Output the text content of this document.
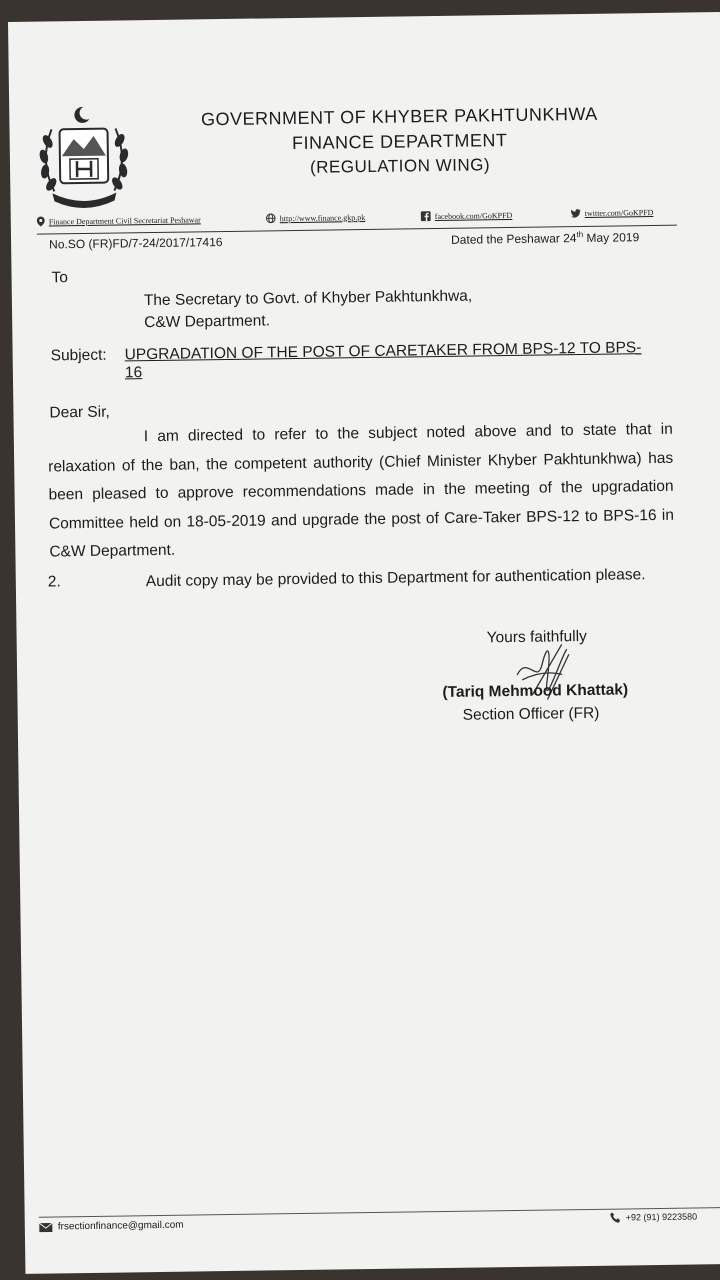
GOVERNMENT OF KHYBER PAKHTUNKHWA
FINANCE DEPARTMENT
(REGULATION WING)
Finance Department Civil Secretariat Peshawar	http://www.finance.gkp.pk	facebook.com/GoKPFD	twitter.com/GoKPFD
No.SO (FR)FD/7-24/2017/17416	Dated the Peshawar 24th May 2019
To
The Secretary to Govt. of Khyber Pakhtunkhwa,
C&W Department.
Subject: UPGRADATION OF THE POST OF CARETAKER FROM BPS-12 TO BPS-16
Dear Sir,
I am directed to refer to the subject noted above and to state that in relaxation of the ban, the competent authority (Chief Minister Khyber Pakhtunkhwa) has been pleased to approve recommendations made in the meeting of the upgradation Committee held on 18-05-2019 and upgrade the post of Care-Taker BPS-12 to BPS-16 in C&W Department.
2.	Audit copy may be provided to this Department for authentication please.
Yours faithfully
(Tariq Mehmood Khattak)
Section Officer (FR)
frsectionfinance@gmail.com
+92 (91) 9223580
